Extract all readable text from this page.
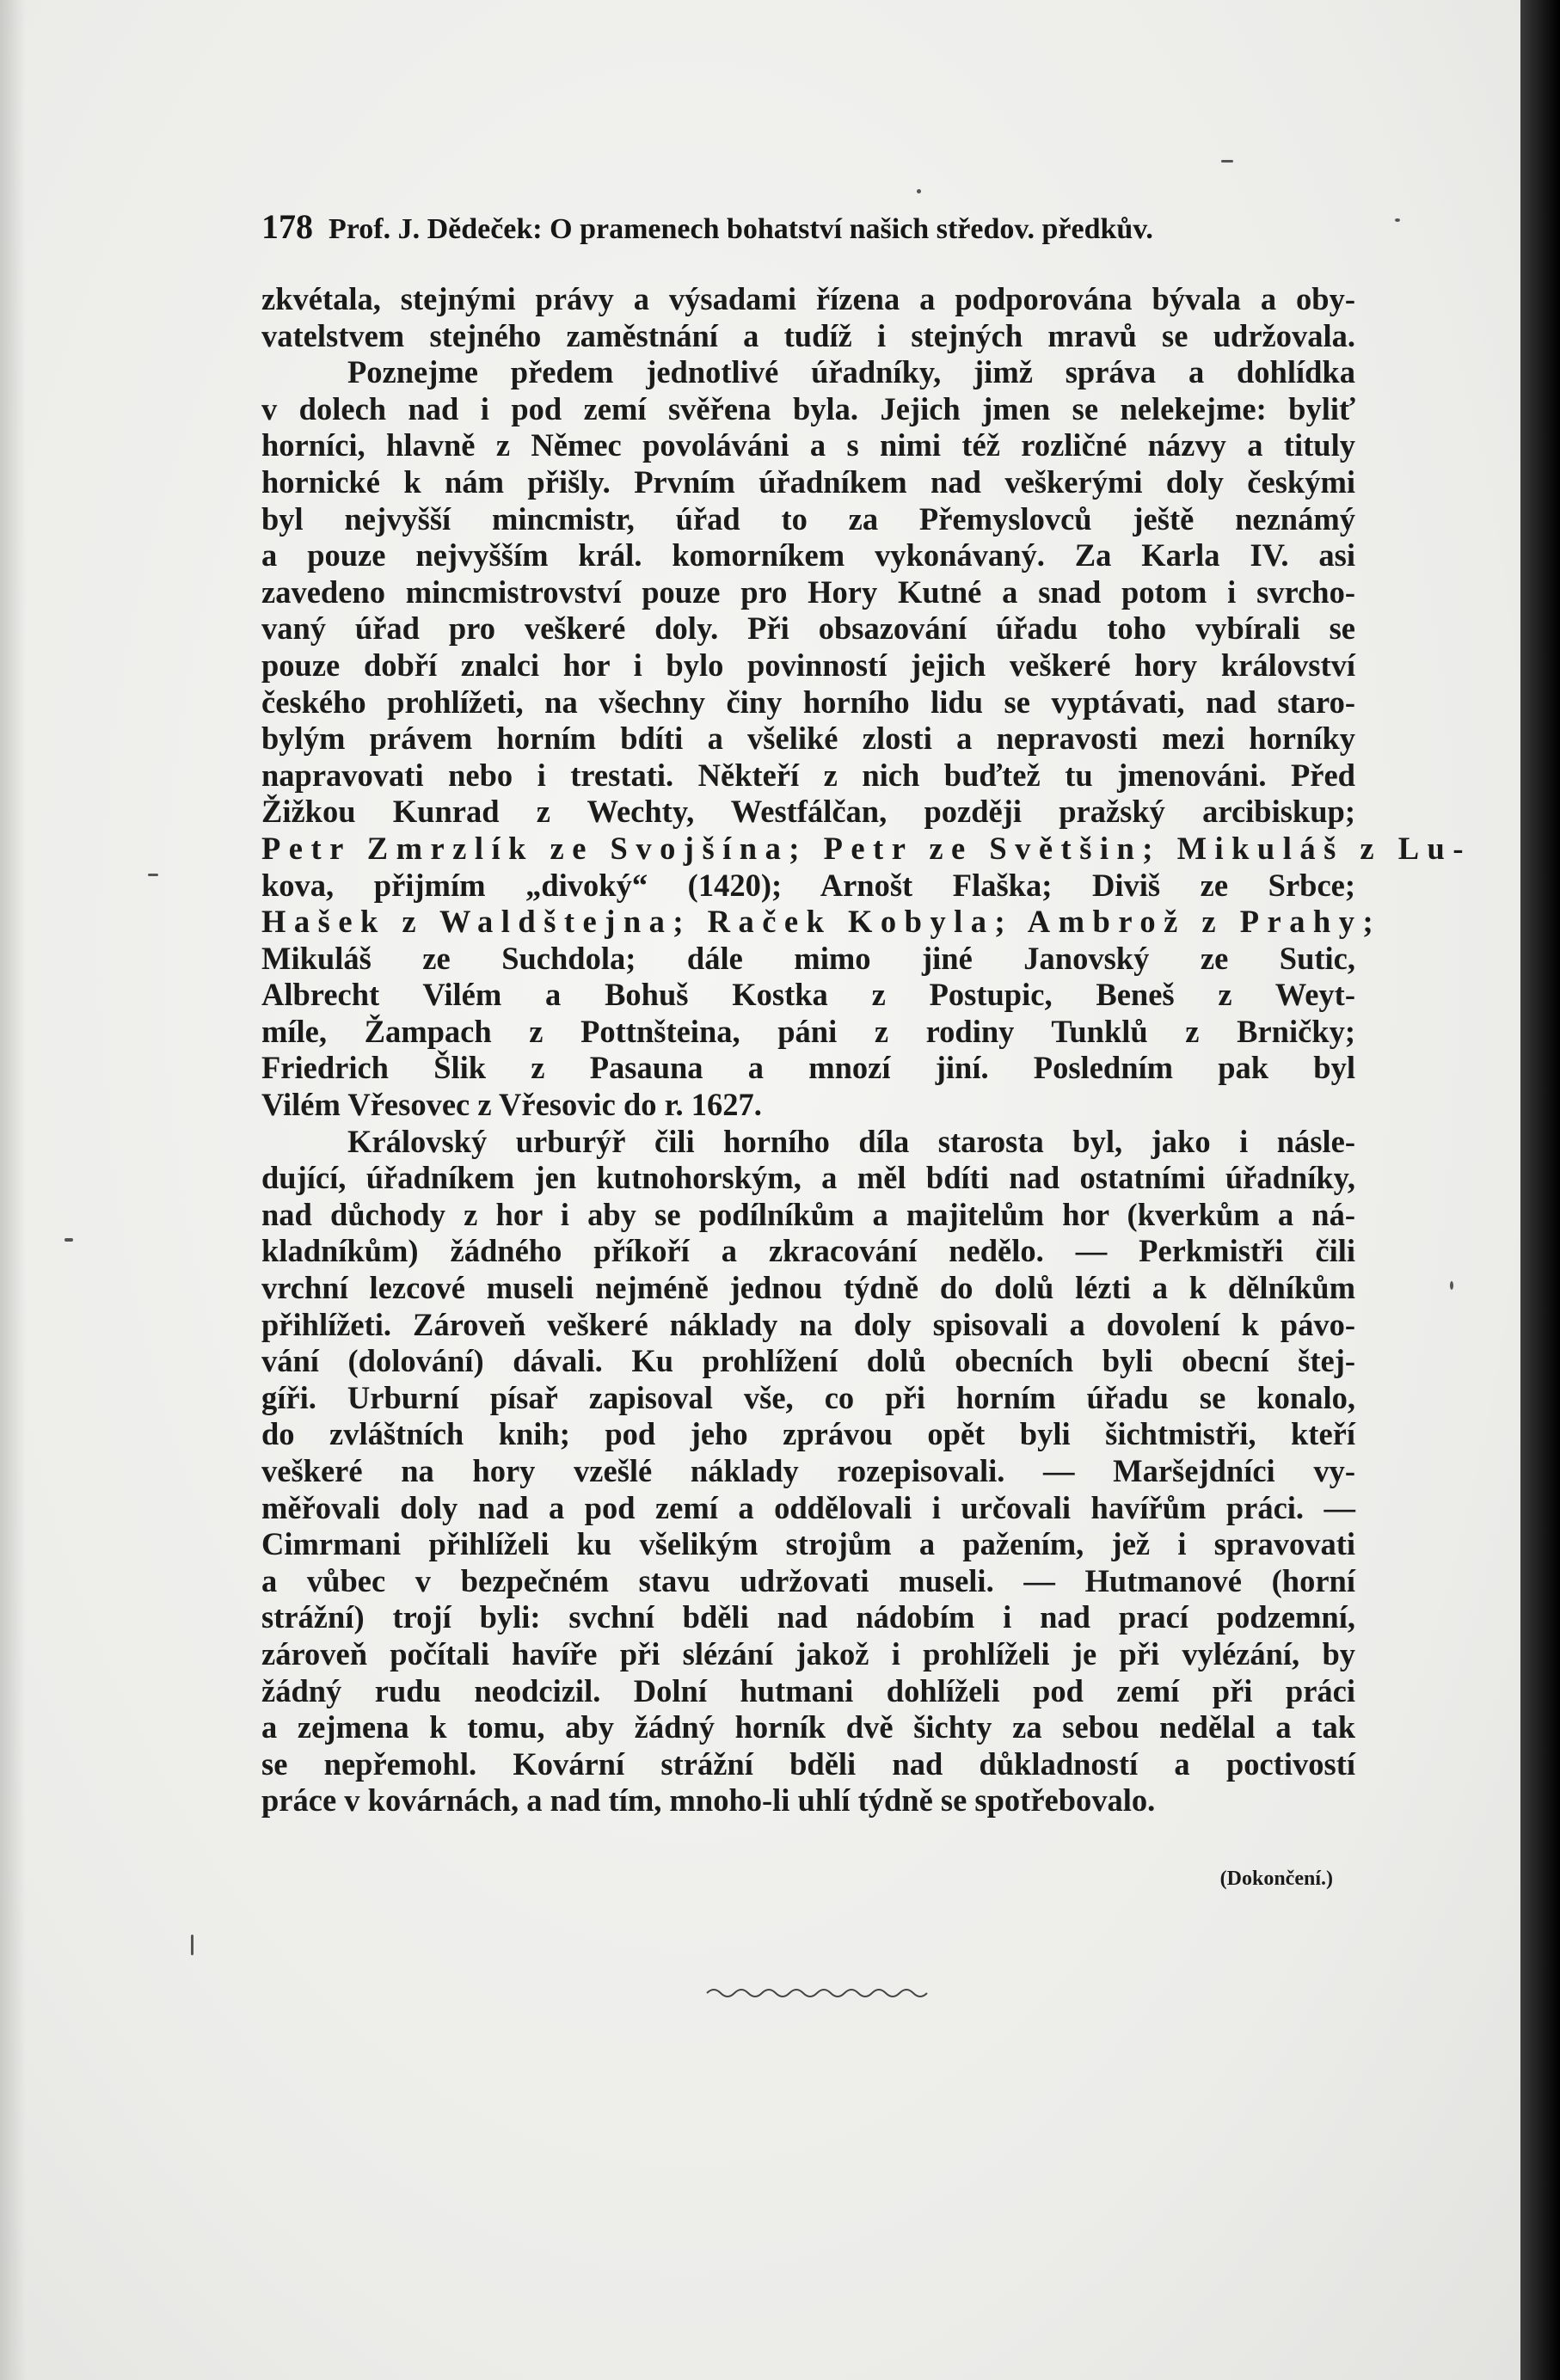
178 Prof. J. Dědeček: O pramenech bohatství našich středov. předkův.
zkvétala, stejnými právy a výsadami řízena a podporována bývala a oby-
vatelstvem stejného zaměstnání a tudíž i stejných mravů se udržovala.
Poznejme předem jednotlivé úřadníky, jimž správa a dohlídka
v dolech nad i pod zemí svěřena byla. Jejich jmen se nelekejme: byliť
horníci, hlavně z Němec povoláváni a s nimi též rozličné názvy a tituly
hornické k nám přišly. Prvním úřadníkem nad veškerými doly českými
byl nejvyšší mincmistr, úřad to za Přemyslovců ještě neznámý
a pouze nejvyšším král. komorníkem vykonávaný. Za Karla IV. asi
zavedeno mincmistrovství pouze pro Hory Kutné a snad potom i svrcho-
vaný úřad pro veškeré doly. Při obsazování úřadu toho vybírali se
pouze dobří znalci hor i bylo povinností jejich veškeré hory království
českého prohlížeti, na všechny činy horního lidu se vyptávati, nad staro-
bylým právem horním bdíti a všeliké zlosti a nepravosti mezi horníky
napravovati nebo i trestati. Někteří z nich buďtež tu jmenováni. Před
Žižkou Kunrad z Wechty, Westfálčan, později pražský arcibiskup;
Petr Zmrzlík ze Svojšína; Petr ze Světšin; Mikuláš z Lu-
kova, přijmím „divoký“ (1420); Arnošt Flaška; Diviš ze Srbce;
Hašek z Waldštejna; Raček Kobyla; Ambrož z Prahy;
Mikuláš ze Suchdola; dále mimo jiné Janovský ze Sutic,
Albrecht Vilém a Bohuš Kostka z Postupic, Beneš z Weyt-
míle, Žampach z Pottnšteina, páni z rodiny Tunklů z Brničky;
Friedrich Šlik z Pasauna a mnozí jiní. Posledním pak byl
Vilém Vřesovec z Vřesovic do r. 1627.
Královský urburýř čili horního díla starosta byl, jako i násle-
dující, úřadníkem jen kutnohorským, a měl bdíti nad ostatními úřadníky,
nad důchody z hor i aby se podílníkům a majitelům hor (kverkům a ná-
kladníkům) žádného příkoří a zkracování nedělo. — Perkmistři čili
vrchní lezcové museli nejméně jednou týdně do dolů lézti a k dělníkům
přihlížeti. Zároveň veškeré náklady na doly spisovali a dovolení k pávo-
vání (dolování) dávali. Ku prohlížení dolů obecních byli obecní štej-
gíři. Urburní písař zapisoval vše, co při horním úřadu se konalo,
do zvláštních knih; pod jeho zprávou opět byli šichtmistři, kteří
veškeré na hory vzešlé náklady rozepisovali. — Maršejdníci vy-
měřovali doly nad a pod zemí a oddělovali i určovali havířům práci. —
Cimrmani přihlíželi ku všelikým strojům a pažením, jež i spravovati
a vůbec v bezpečném stavu udržovati museli. — Hutmanové (horní
strážní) trojí byli: svchní bděli nad nádobím i nad prací podzemní,
zároveň počítali havíře při slézání jakož i prohlíželi je při vylézání, by
žádný rudu neodcizil. Dolní hutmani dohlíželi pod zemí při práci
a zejmena k tomu, aby žádný horník dvě šichty za sebou nedělal a tak
se nepřemohl. Kovární strážní bděli nad důkladností a poctivostí
práce v kovárnách, a nad tím, mnoho-li uhlí týdně se spotřebovalo.
(Dokončení.)
